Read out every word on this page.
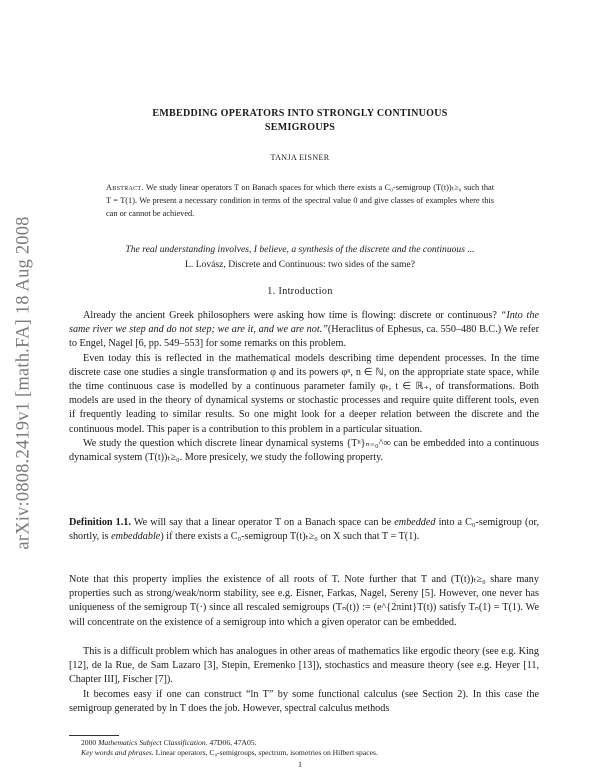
arXiv:0808.2419v1 [math.FA] 18 Aug 2008
EMBEDDING OPERATORS INTO STRONGLY CONTINUOUS
SEMIGROUPS
TANJA EISNER
Abstract. We study linear operators T on Banach spaces for which there exists a C₀-semigroup (T(t))ₜ≥₀ such that T = T(1). We present a necessary condition in terms of the spectral value 0 and give classes of examples where this can or cannot be achieved.
The real understanding involves, I believe, a synthesis of the discrete and the continuous ...
L. Lovász, Discrete and Continuous: two sides of the same?
1. Introduction

Already the ancient Greek philosophers were asking how time is flowing: discrete or continuous? “Into the same river we step and do not step; we are it, and we are not.”(Heraclitus of Ephesus, ca. 550–480 B.C.) We refer to Engel, Nagel [6, pp. 549–553] for some remarks on this problem.

Even today this is reflected in the mathematical models describing time dependent processes. In the time discrete case one studies a single transformation φ and its powers φⁿ, n ∈ ℕ, on the appropriate state space, while the time continuous case is modelled by a continuous parameter family φₜ, t ∈ ℝ₊, of transformations. Both models are used in the theory of dynamical systems or stochastic processes and require quite different tools, even if frequently leading to similar results. So one might look for a deeper relation between the discrete and the continuous model. This paper is a contribution to this problem in a particular situation.

We study the question which discrete linear dynamical systems {Tⁿ}ₙ₌₀^∞ can be embedded into a continuous dynamical system (T(t))ₜ≥₀. More presicely, we study the following property.

Definition 1.1. We will say that a linear operator T on a Banach space can be embedded into a C₀-semigroup (or, shortly, is embeddable) if there exists a C₀-semigroup T(t)ₜ≥₀ on X such that T = T(1).

Note that this property implies the existence of all roots of T. Note further that T and (T(t))ₜ≥₀ share many properties such as strong/weak/norm stability, see e.g. Eisner, Farkas, Nagel, Sereny [5]. However, one never has uniqueness of the semigroup T(·) since all rescaled semigroups (Tₙ(t)) := (e^{2πint}T(t)) satisfy Tₙ(1) = T(1). We will concentrate on the existence of a semigroup into which a given operator can be embedded.

This is a difficult problem which has analogues in other areas of mathematics like ergodic theory (see e.g. King [12], de la Rue, de Sam Lazaro [3], Stepin, Eremenko [13]), stochastics and measure theory (see e.g. Heyer [11, Chapter III], Fischer [7]).

It becomes easy if one can construct “ln T” by some functional calculus (see Section 2). In this case the semigroup generated by ln T does the job. However, spectral calculus methods

2000 Mathematics Subject Classification. 47D06, 47A05.
Key words and phrases. Linear operators, C₀-semigroups, spectrum, isometries on Hilbert spaces.
1
